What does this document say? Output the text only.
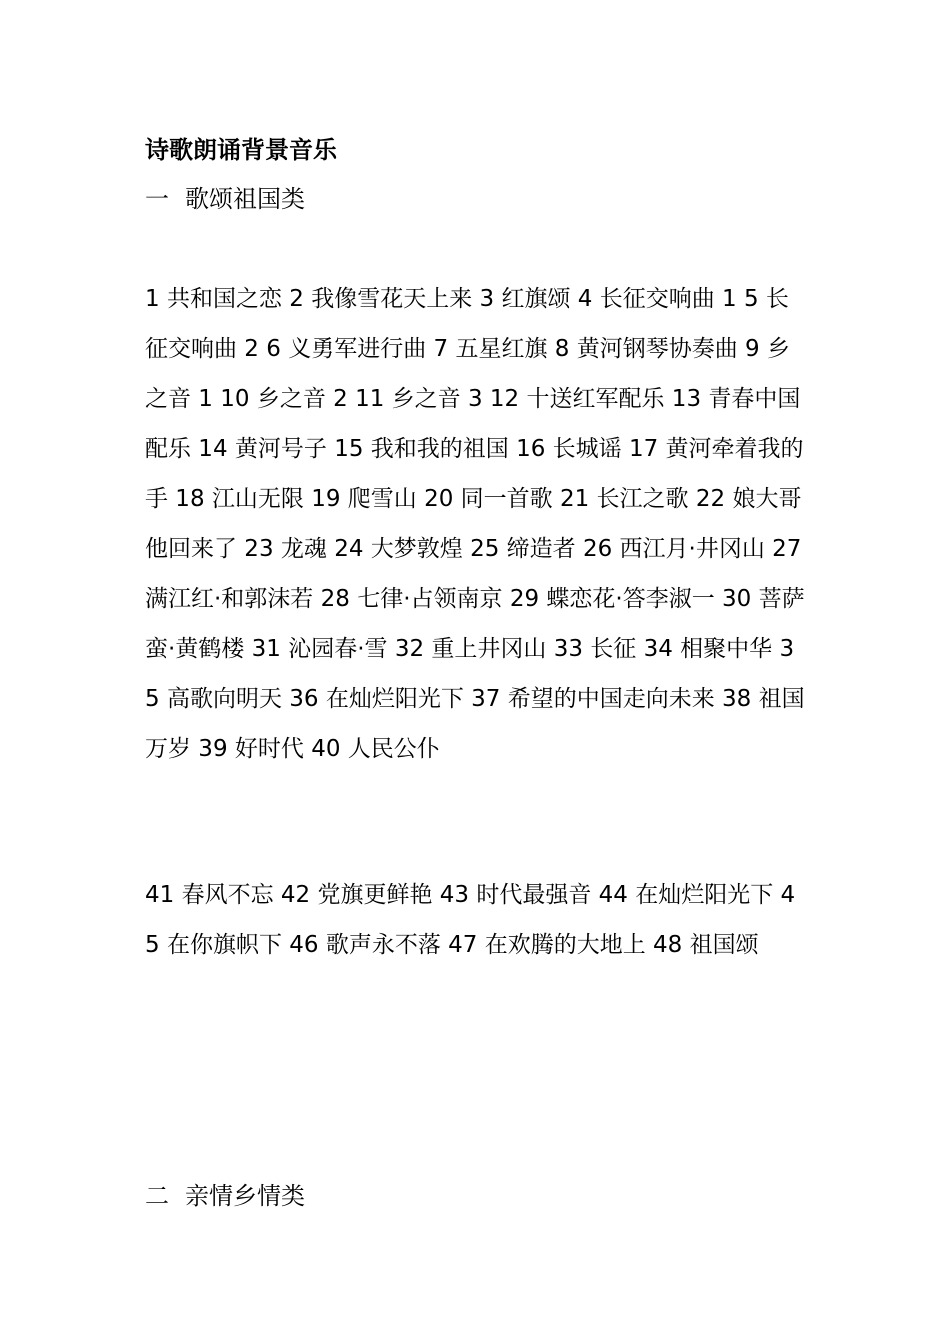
诗歌朗诵背景音乐
一 歌颂祖国类
1 共和国之恋 2 我像雪花天上来 3 红旗颂 4 长征交响曲 1 5 长征交响曲 2 6 义勇军进行曲 7 五星红旗 8 黄河钢琴协奏曲 9 乡之音 1 10 乡之音 2 11 乡之音 3 12 十送红军配乐 13 青春中国配乐 14 黄河号子 15 我和我的祖国 16 长城谣 17 黄河牵着我的手 18 江山无限 19 爬雪山 20 同一首歌 21 长江之歌 22 娘大哥他回来了 23 龙魂 24 大梦敦煌 25 缔造者 26 西江月·井冈山 27 满江红·和郭沫若 28 七律·占领南京 29 蝶恋花·答李淑一 30 菩萨蛮·黄鹤楼 31 沁园春·雪 32 重上井冈山 33 长征 34 相聚中华 35 高歌向明天 36 在灿烂阳光下 37 希望的中国走向未来 38 祖国万岁 39 好时代 40 人民公仆
41 春风不忘 42 党旗更鲜艳 43 时代最强音 44 在灿烂阳光下 45 在你旗帜下 46 歌声永不落 47 在欢腾的大地上 48 祖国颂
二 亲情乡情类
